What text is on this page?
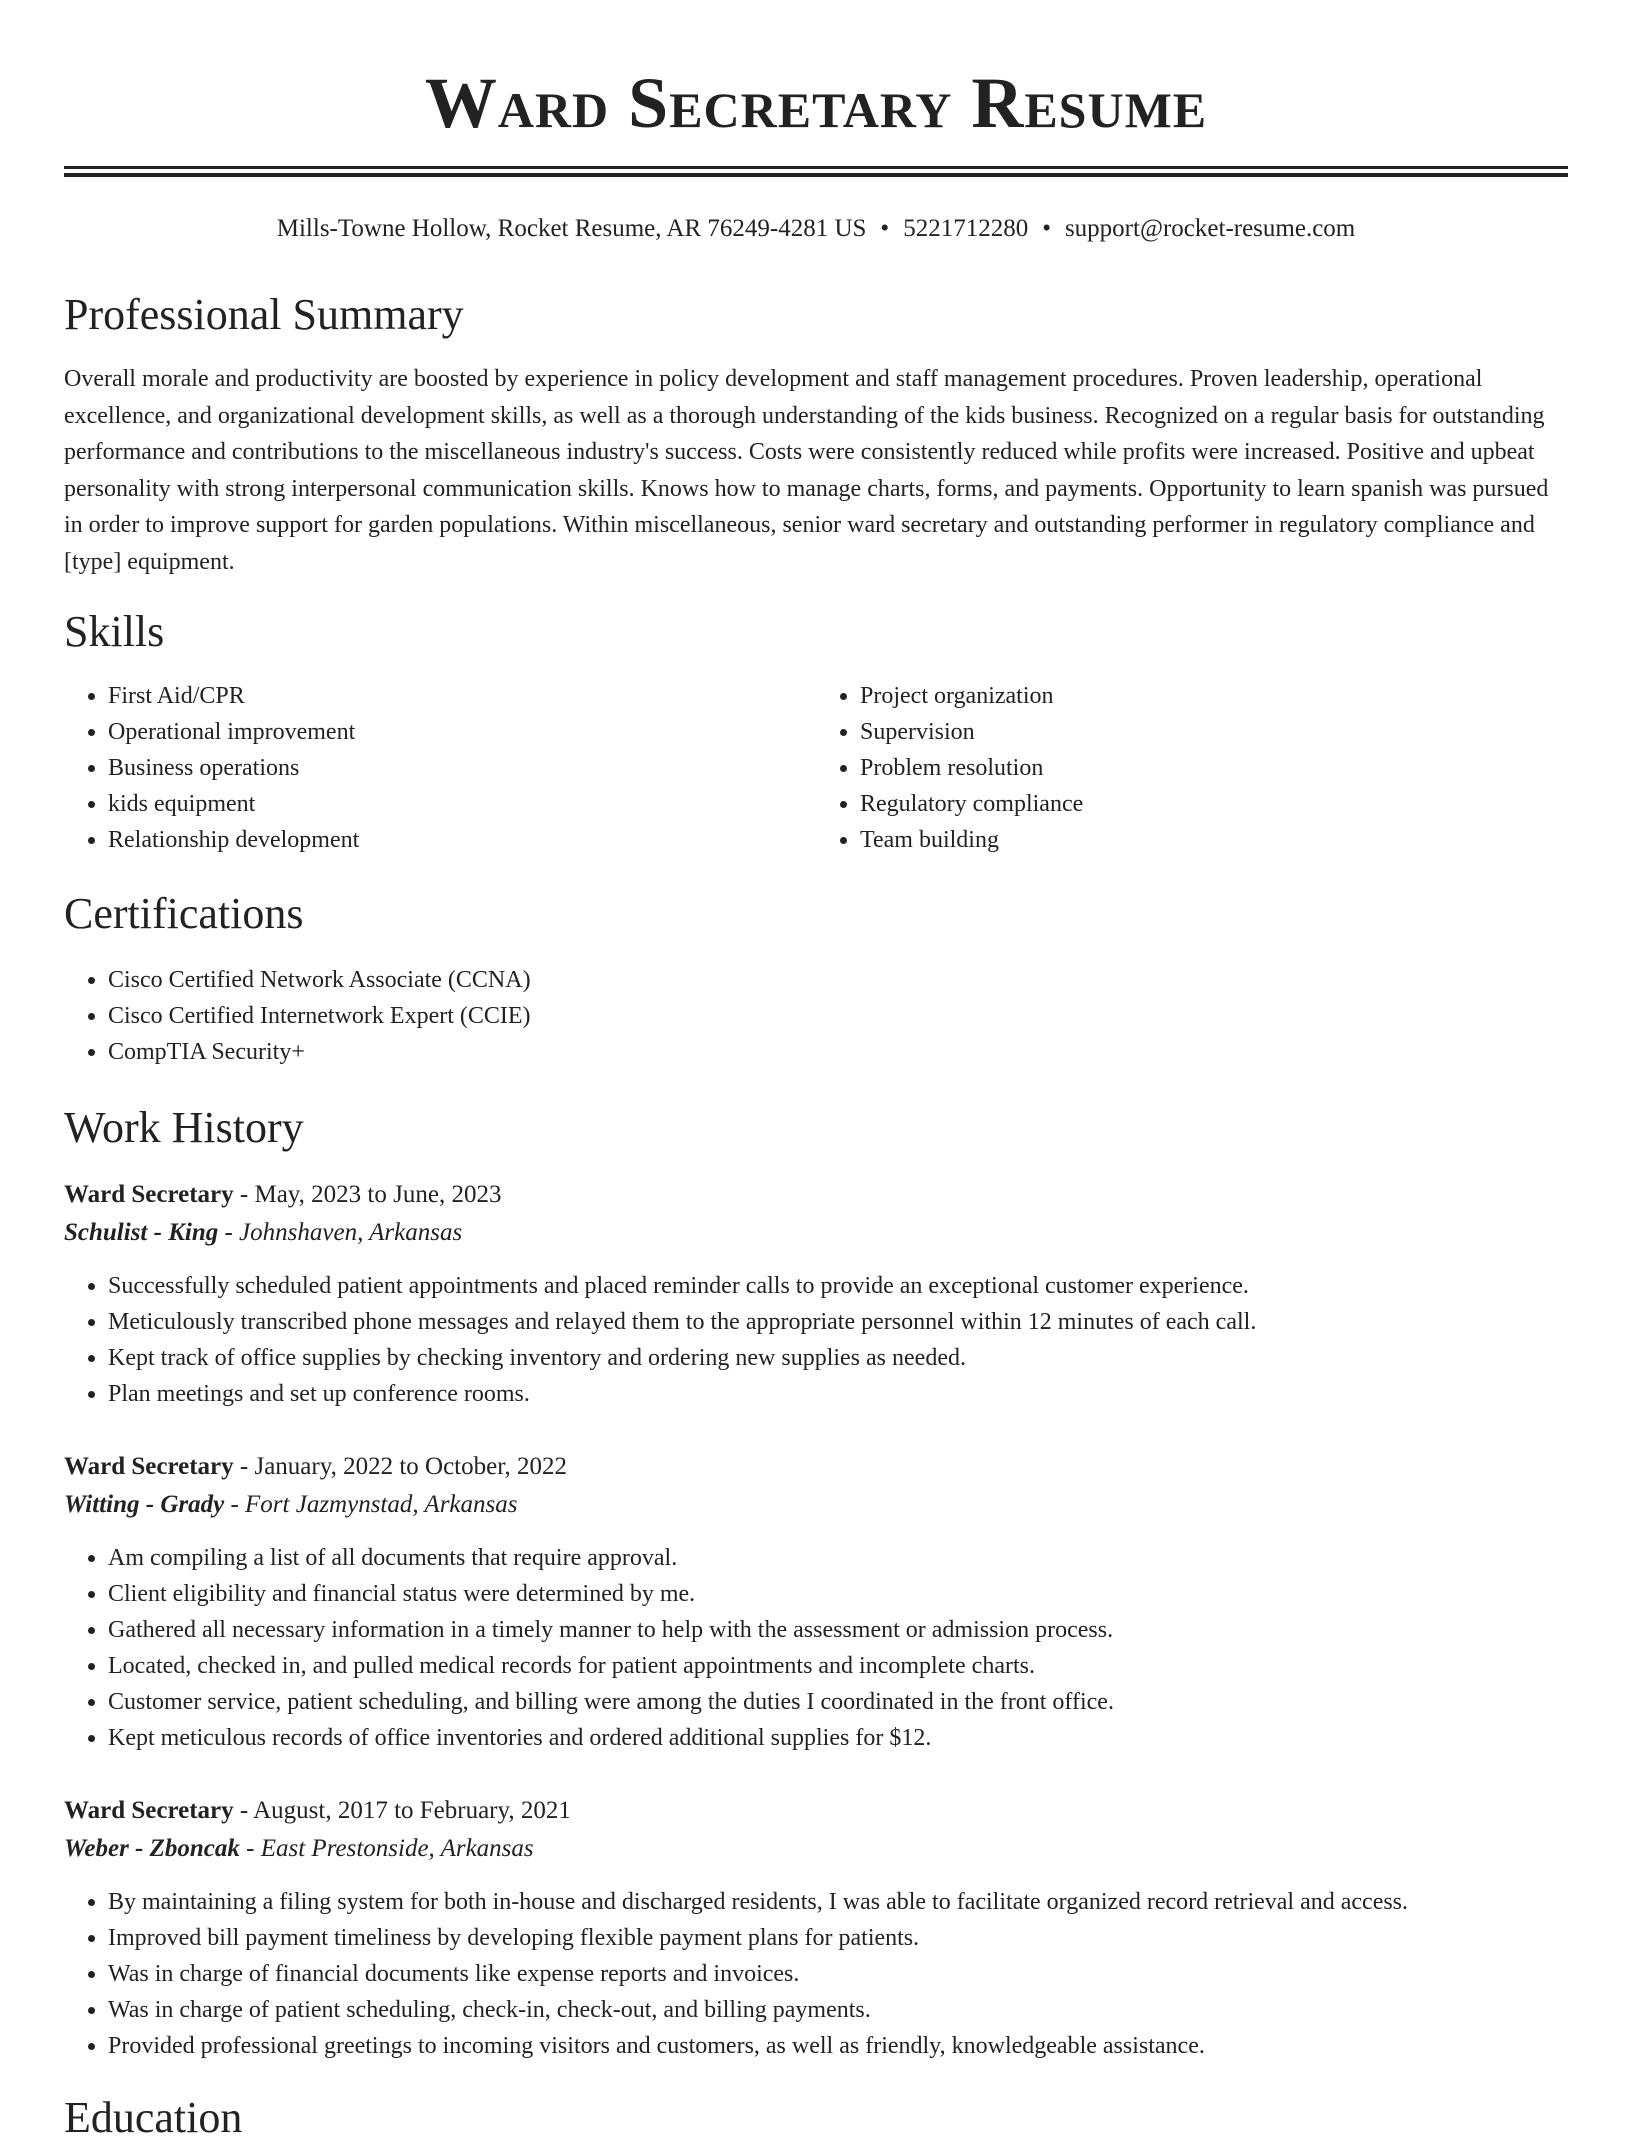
Ward Secretary Resume
Mills-Towne Hollow, Rocket Resume, AR 76249-4281 US • 5221712280 • support@rocket-resume.com
Professional Summary

Overall morale and productivity are boosted by experience in policy development and staff management procedures. Proven leadership, operational excellence, and organizational development skills, as well as a thorough understanding of the kids business. Recognized on a regular basis for outstanding performance and contributions to the miscellaneous industry's success. Costs were consistently reduced while profits were increased. Positive and upbeat personality with strong interpersonal communication skills. Knows how to manage charts, forms, and payments. Opportunity to learn spanish was pursued in order to improve support for garden populations. Within miscellaneous, senior ward secretary and outstanding performer in regulatory compliance and [type] equipment.

Skills
• First Aid/CPR
• Operational improvement
• Business operations
• kids equipment
• Relationship development
• Project organization
• Supervision
• Problem resolution
• Regulatory compliance
• Team building
Certifications
• Cisco Certified Network Associate (CCNA)
• Cisco Certified Internetwork Expert (CCIE)
• CompTIA Security+
Work History
Ward Secretary - May, 2023 to June, 2023
Schulist - King - Johnshaven, Arkansas
• Successfully scheduled patient appointments and placed reminder calls to provide an exceptional customer experience.
• Meticulously transcribed phone messages and relayed them to the appropriate personnel within 12 minutes of each call.
• Kept track of office supplies by checking inventory and ordering new supplies as needed.
• Plan meetings and set up conference rooms.
Ward Secretary - January, 2022 to October, 2022
Witting - Grady - Fort Jazmynstad, Arkansas
• Am compiling a list of all documents that require approval.
• Client eligibility and financial status were determined by me.
• Gathered all necessary information in a timely manner to help with the assessment or admission process.
• Located, checked in, and pulled medical records for patient appointments and incomplete charts.
• Customer service, patient scheduling, and billing were among the duties I coordinated in the front office.
• Kept meticulous records of office inventories and ordered additional supplies for $12.
Ward Secretary - August, 2017 to February, 2021
Weber - Zboncak - East Prestonside, Arkansas
• By maintaining a filing system for both in-house and discharged residents, I was able to facilitate organized record retrieval and access.
• Improved bill payment timeliness by developing flexible payment plans for patients.
• Was in charge of financial documents like expense reports and invoices.
• Was in charge of patient scheduling, check-in, check-out, and billing payments.
• Provided professional greetings to incoming visitors and customers, as well as friendly, knowledgeable assistance.
Education
